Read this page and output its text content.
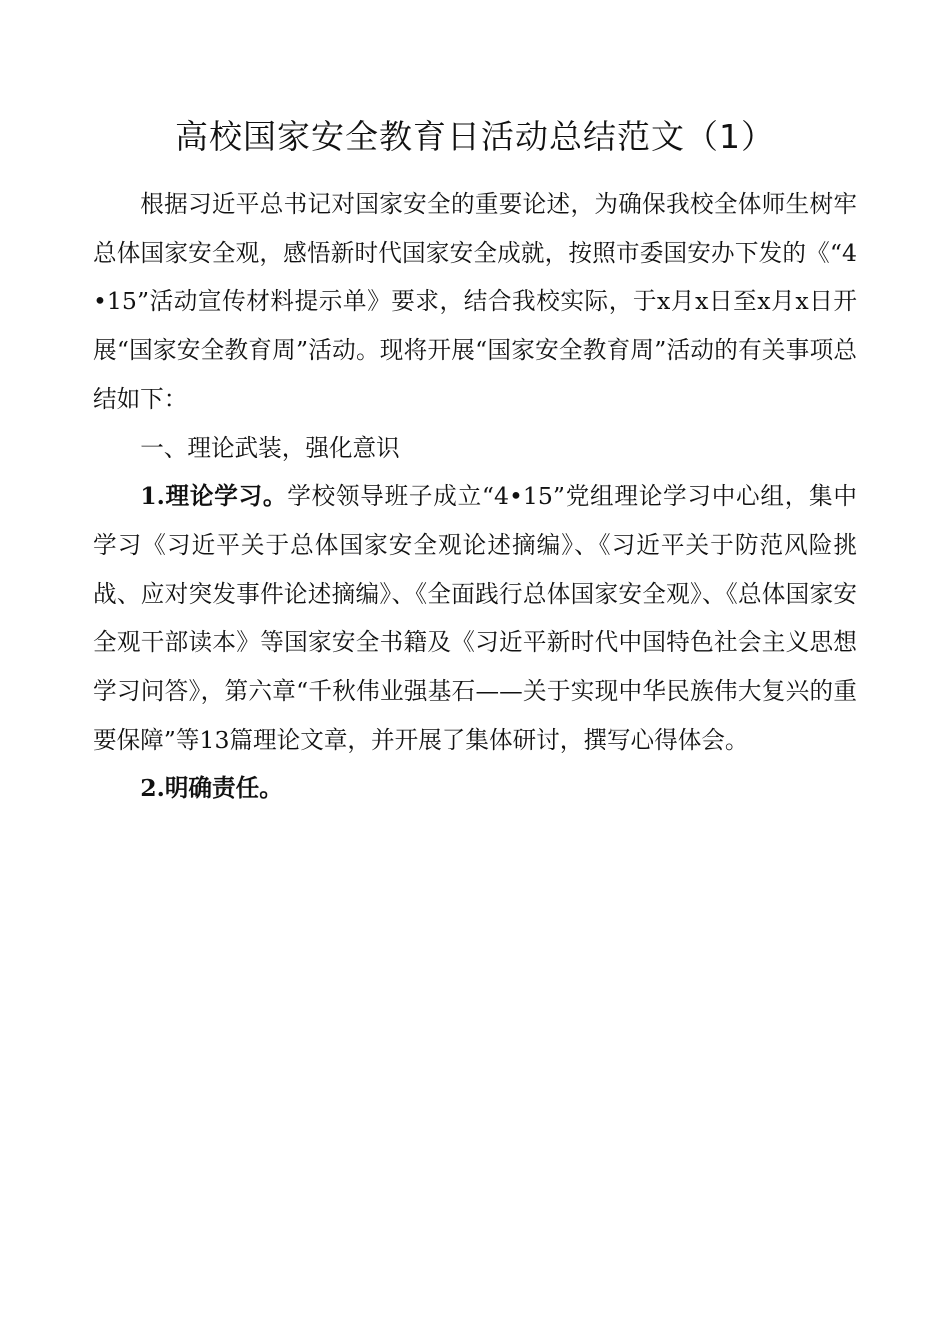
高校国家安全教育日活动总结范文（1）

根据习近平总书记对国家安全的重要论述，为确保我校全体师生树牢总体国家安全观，感悟新时代国家安全成就，按照市委国安办下发的《“4•15”活动宣传材料提示单》要求，结合我校实际，于x月x日至x月x日开展“国家安全教育周”活动。现将开展“国家安全教育周”活动的有关事项总结如下：

一、理论武装，强化意识

1.理论学习。学校领导班子成立“4•15”党组理论学习中心组，集中学习《习近平关于总体国家安全观论述摘编》、《习近平关于防范风险挑战、应对突发事件论述摘编》、《全面践行总体国家安全观》、《总体国家安全观干部读本》等国家安全书籍及《习近平新时代中国特色社会主义思想学习问答》，第六章“千秋伟业强基石——关于实现中华民族伟大复兴的重要保障”等13篇理论文章，并开展了集体研讨，撰写心得体会。

2.明确责任。
